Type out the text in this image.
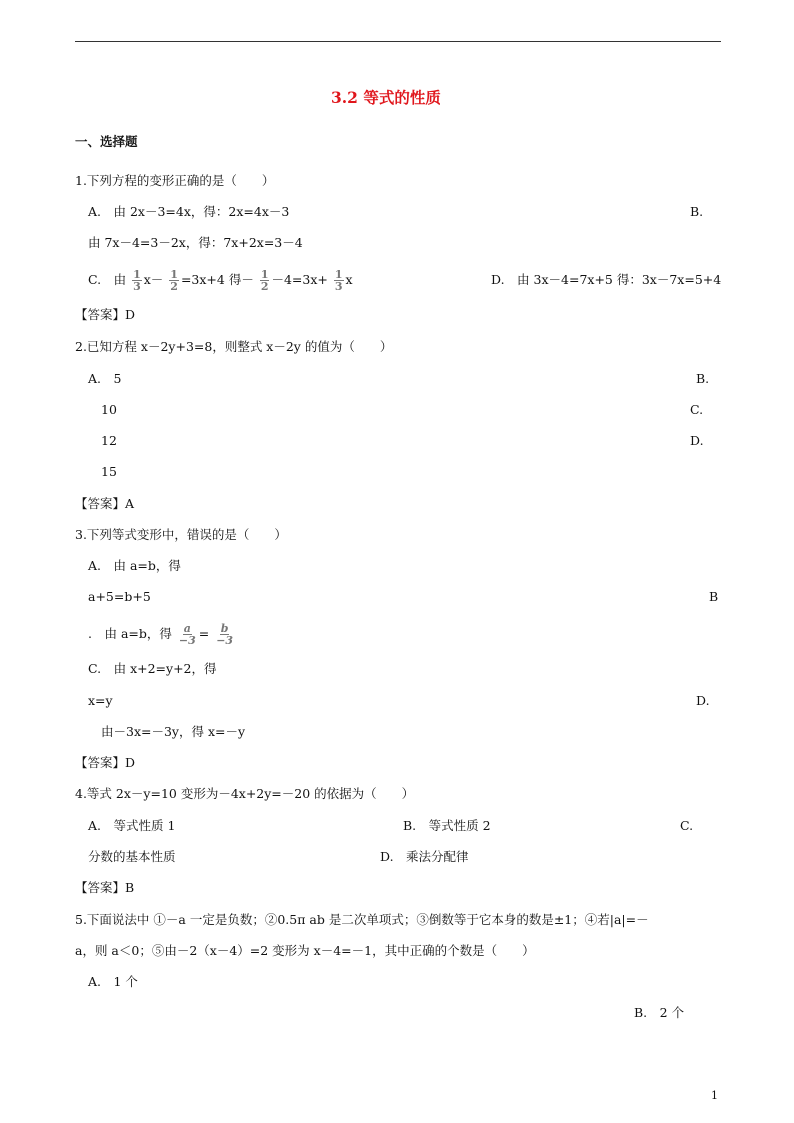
3.2 等式的性质
一、选择题
1.下列方程的变形正确的是（　　）
A.　由 2x－3=4x，得：2x=4x－3	B.
由 7x－4=3－2x，得：7x+2x=3－4
C.　由 $\frac{1}{3} x- \frac{1}{2} =3x+4$ 得－ $\frac{1}{2} -4=3x+ \frac{1}{3}$ x	D.　由 3x－4=7x+5 得：3x－7x=5+4
【答案】D
2.已知方程 x－2y+3=8，则整式 x－2y 的值为（　　）
A.　5	B.
10	C.
12	D.
15
【答案】A
3.下列等式变形中，错误的是（　　）
A.　由 a=b，得
a+5=b+5	B
.　由 a=b，得 $\frac{a}{-3} = \frac{b}{-3}$
C.　由 x+2=y+2，得
x=y	D.
由－3x=－3y，得 x=－y
【答案】D
4.等式 2x－y=10 变形为－4x+2y=－20 的依据为（　　）
A.　等式性质 1	B.　等式性质 2	C.
分数的基本性质	D.　乘法分配律
【答案】B
5.下面说法中 ①－a 一定是负数；②0.5π ab 是二次单项式；③倒数等于它本身的数是±1；④若|a|=－
a，则 a＜0；⑤由－2（x－4）=2 变形为 x－4=－1，其中正确的个数是（　　）
A.　1 个
B.　2 个
1
